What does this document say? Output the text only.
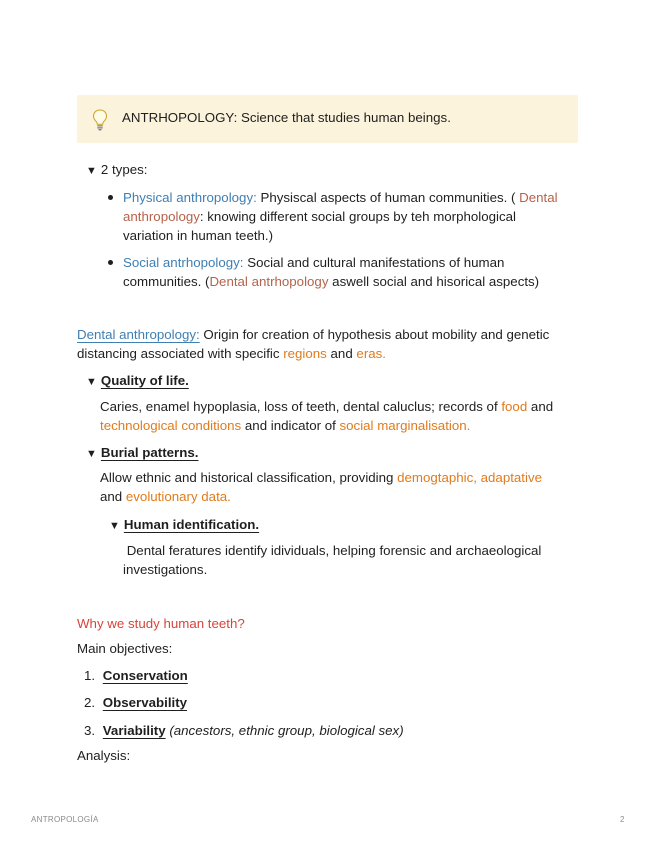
ANTRHOPOLOGY: Science that studies human beings.
▼ 2 types:
Physical anthropology: Physiscal aspects of human communities. ( Dental
anthropology: knowing different social groups by teh morphological
variation in human teeth.)
Social antrhopology: Social and cultural manifestations of human
communities. (Dental antrhopology aswell social and hisorical aspects)
Dental anthropology: Origin for creation of hypothesis about mobility and genetic
distancing associated with specific regions and eras.
▼ Quality of life.
Caries, enamel hypoplasia, loss of teeth, dental caluclus; records of food and
technological conditions and indicator of social marginalisation.
▼ Burial patterns.
Allow ethnic and historical classification, providing demogtaphic, adaptative
and evolutionary data.
▼ Human identification.
Dental feratures identify idividuals, helping forensic and archaeological
investigations.
Why we study human teeth?
Main objectives:
1. Conservation
2. Observability
3. Variability (ancestors, ethnic group, biological sex)
Analysis:
ANTROPOLOGÍA	2
